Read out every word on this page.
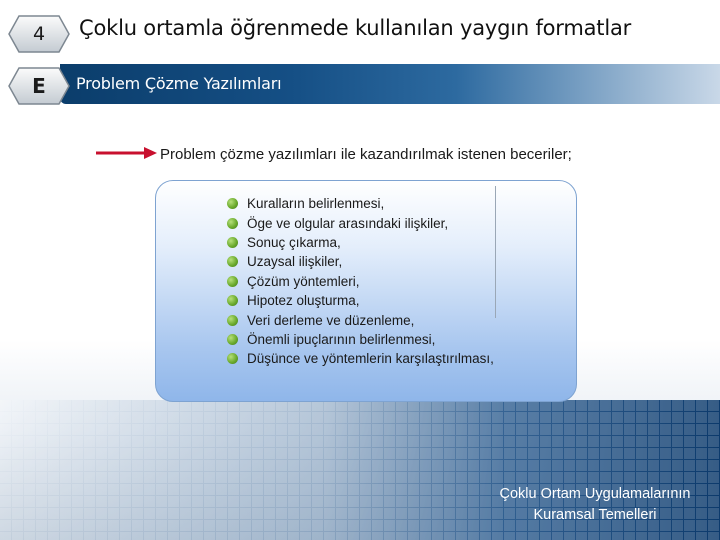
4 Çoklu ortamla öğrenmede kullanılan yaygın formatlar
E Problem Çözme Yazılımları
Problem çözme yazılımları ile kazandırılmak istenen beceriler;
Kuralların belirlenmesi,
Öge ve olgular arasındaki ilişkiler,
Sonuç çıkarma,
Uzaysal ilişkiler,
Çözüm yöntemleri,
Hipotez oluşturma,
Veri derleme ve düzenleme,
Önemli ipuçlarının belirlenmesi,
Düşünce ve yöntemlerin karşılaştırılması,
Çoklu Ortam Uygulamalarının
Kuramsal Temelleri
